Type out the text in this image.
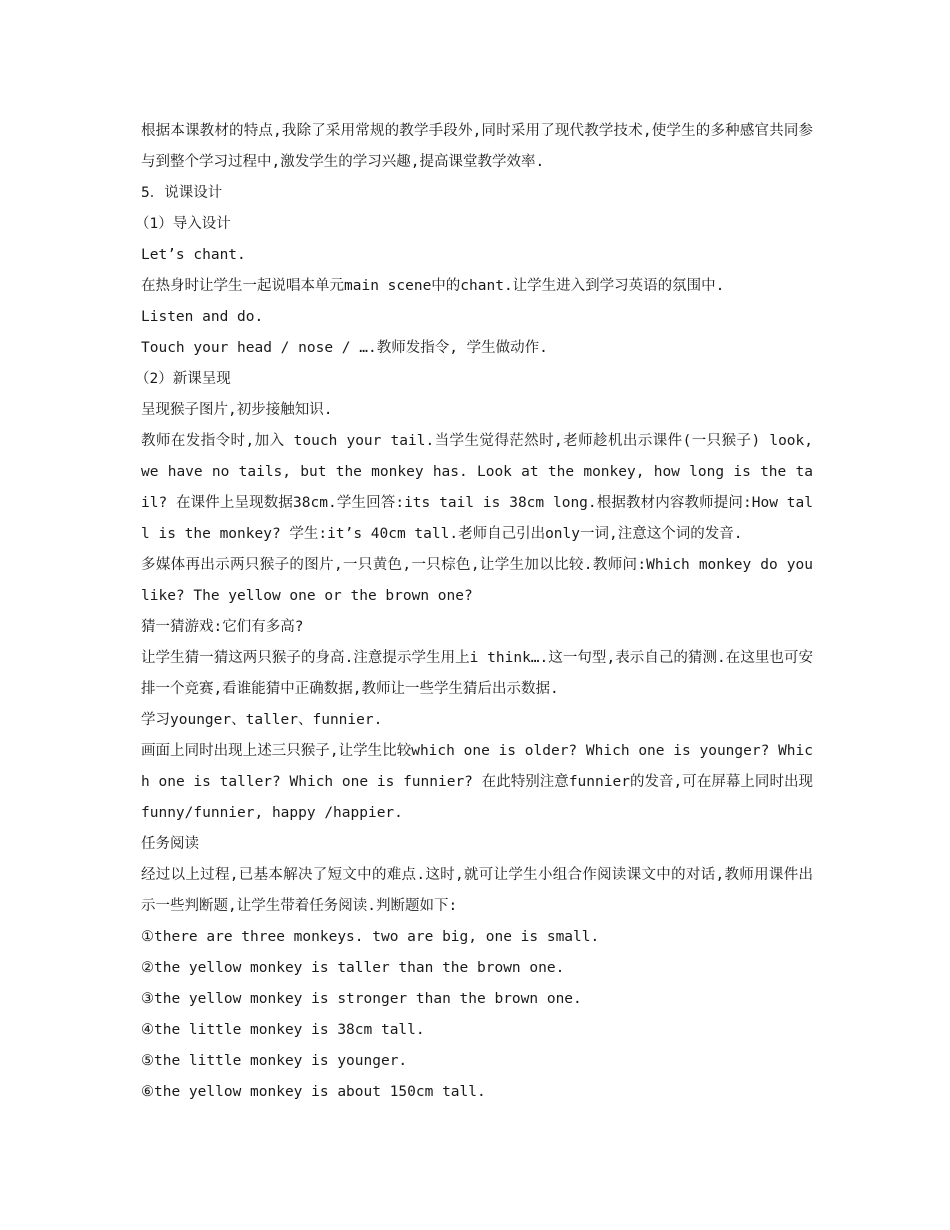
根据本课教材的特点,我除了采用常规的教学手段外,同时采用了现代教学技术,使学生的多种感官共同参与到整个学习过程中,激发学生的学习兴趣,提高课堂教学效率.

5．说课设计

（1）导入设计

Let’s chant.

在热身时让学生一起说唱本单元main scene中的chant.让学生进入到学习英语的氛围中.

Listen and do.

Touch your head / nose / ….教师发指令, 学生做动作.

（2）新课呈现

呈现猴子图片,初步接触知识.

教师在发指令时,加入 touch your tail.当学生觉得茫然时,老师趁机出示课件(一只猴子) look, we have no tails, but the monkey has. Look at the monkey, how long is the tail? 在课件上呈现数据38cm.学生回答:its tail is 38cm long.根据教材内容教师提问:How tall is the monkey? 学生:it’s 40cm tall.老师自己引出only一词,注意这个词的发音.

多媒体再出示两只猴子的图片,一只黄色,一只棕色,让学生加以比较.教师问:Which monkey do you like? The yellow one or the brown one?

猜一猜游戏:它们有多高?

让学生猜一猜这两只猴子的身高.注意提示学生用上i think….这一句型,表示自己的猜测.在这里也可安排一个竞赛,看谁能猜中正确数据,教师让一些学生猜后出示数据.

学习younger、taller、funnier.

画面上同时出现上述三只猴子,让学生比较which one is older? Which one is younger? Which one is taller? Which one is funnier? 在此特别注意funnier的发音,可在屏幕上同时出现funny/funnier, happy /happier.

任务阅读

经过以上过程,已基本解决了短文中的难点.这时,就可让学生小组合作阅读课文中的对话,教师用课件出示一些判断题,让学生带着任务阅读.判断题如下:

①there are three monkeys. two are big, one is small.

②the yellow monkey is taller than the brown one.

③the yellow monkey is stronger than the brown one.

④the little monkey is 38cm tall.

⑤the little monkey is younger.

⑥the yellow monkey is about 150cm tall.
